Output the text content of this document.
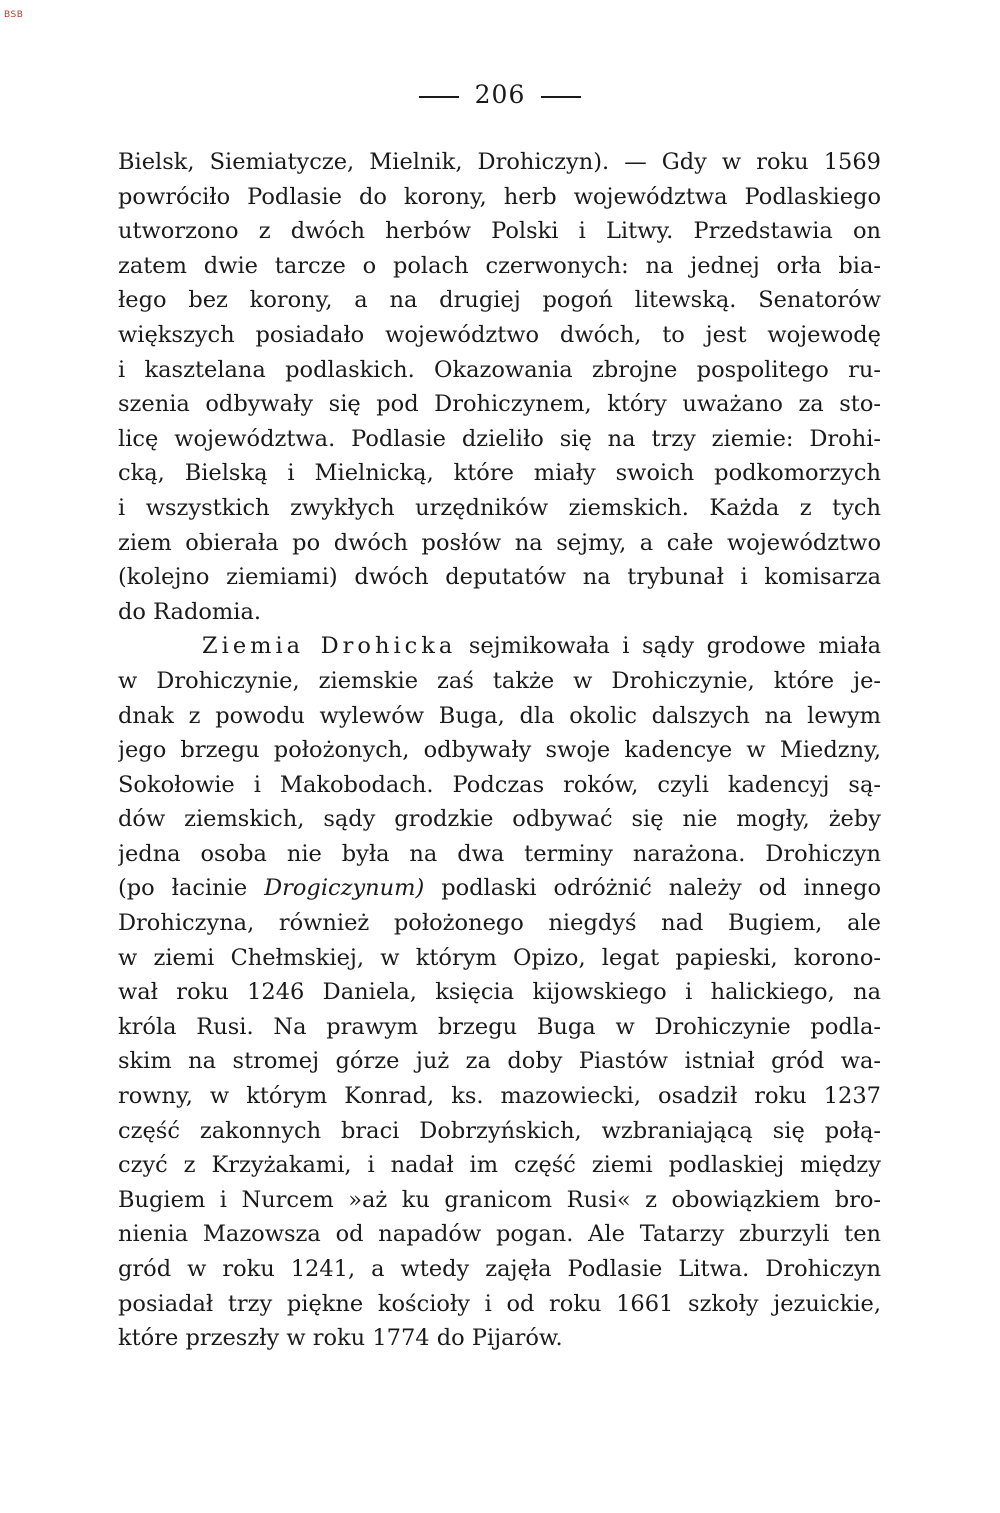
BSB
206
Bielsk, Siemiatycze, Mielnik, Drohiczyn). — Gdy w roku 1569
powróciło Podlasie do korony, herb województwa Podlaskiego
utworzono z dwóch herbów Polski i Litwy. Przedstawia on
zatem dwie tarcze o polach czerwonych: na jednej orła bia-
łego bez korony, a na drugiej pogoń litewską. Senatorów
większych posiadało województwo dwóch, to jest wojewodę
i kasztelana podlaskich. Okazowania zbrojne pospolitego ru-
szenia odbywały się pod Drohiczynem, który uważano za sto-
licę województwa. Podlasie dzieliło się na trzy ziemie: Drohi-
cką, Bielską i Mielnicką, które miały swoich podkomorzych
i wszystkich zwykłych urzędników ziemskich. Każda z tych
ziem obierała po dwóch posłów na sejmy, a całe województwo
(kolejno ziemiami) dwóch deputatów na trybunał i komisarza
do Radomia.
Ziemia Drohicka sejmikowała i sądy grodowe miała
w Drohiczynie, ziemskie zaś także w Drohiczynie, które je-
dnak z powodu wylewów Buga, dla okolic dalszych na lewym
jego brzegu położonych, odbywały swoje kadencye w Miedzny,
Sokołowie i Makobodach. Podczas roków, czyli kadencyj są-
dów ziemskich, sądy grodzkie odbywać się nie mogły, żeby
jedna osoba nie była na dwa terminy narażona. Drohiczyn
(po łacinie Drogiczynum) podlaski odróżnić należy od innego
Drohiczyna, również położonego niegdyś nad Bugiem, ale
w ziemi Chełmskiej, w którym Opizo, legat papieski, korono-
wał roku 1246 Daniela, księcia kijowskiego i halickiego, na
króla Rusi. Na prawym brzegu Buga w Drohiczynie podla-
skim na stromej górze już za doby Piastów istniał gród wa-
rowny, w którym Konrad, ks. mazowiecki, osadził roku 1237
część zakonnych braci Dobrzyńskich, wzbraniającą się połą-
czyć z Krzyżakami, i nadał im część ziemi podlaskiej między
Bugiem i Nurcem »aż ku granicom Rusi« z obowiązkiem bro-
nienia Mazowsza od napadów pogan. Ale Tatarzy zburzyli ten
gród w roku 1241, a wtedy zajęła Podlasie Litwa. Drohiczyn
posiadał trzy piękne kościoły i od roku 1661 szkoły jezuickie,
które przeszły w roku 1774 do Pijarów.
